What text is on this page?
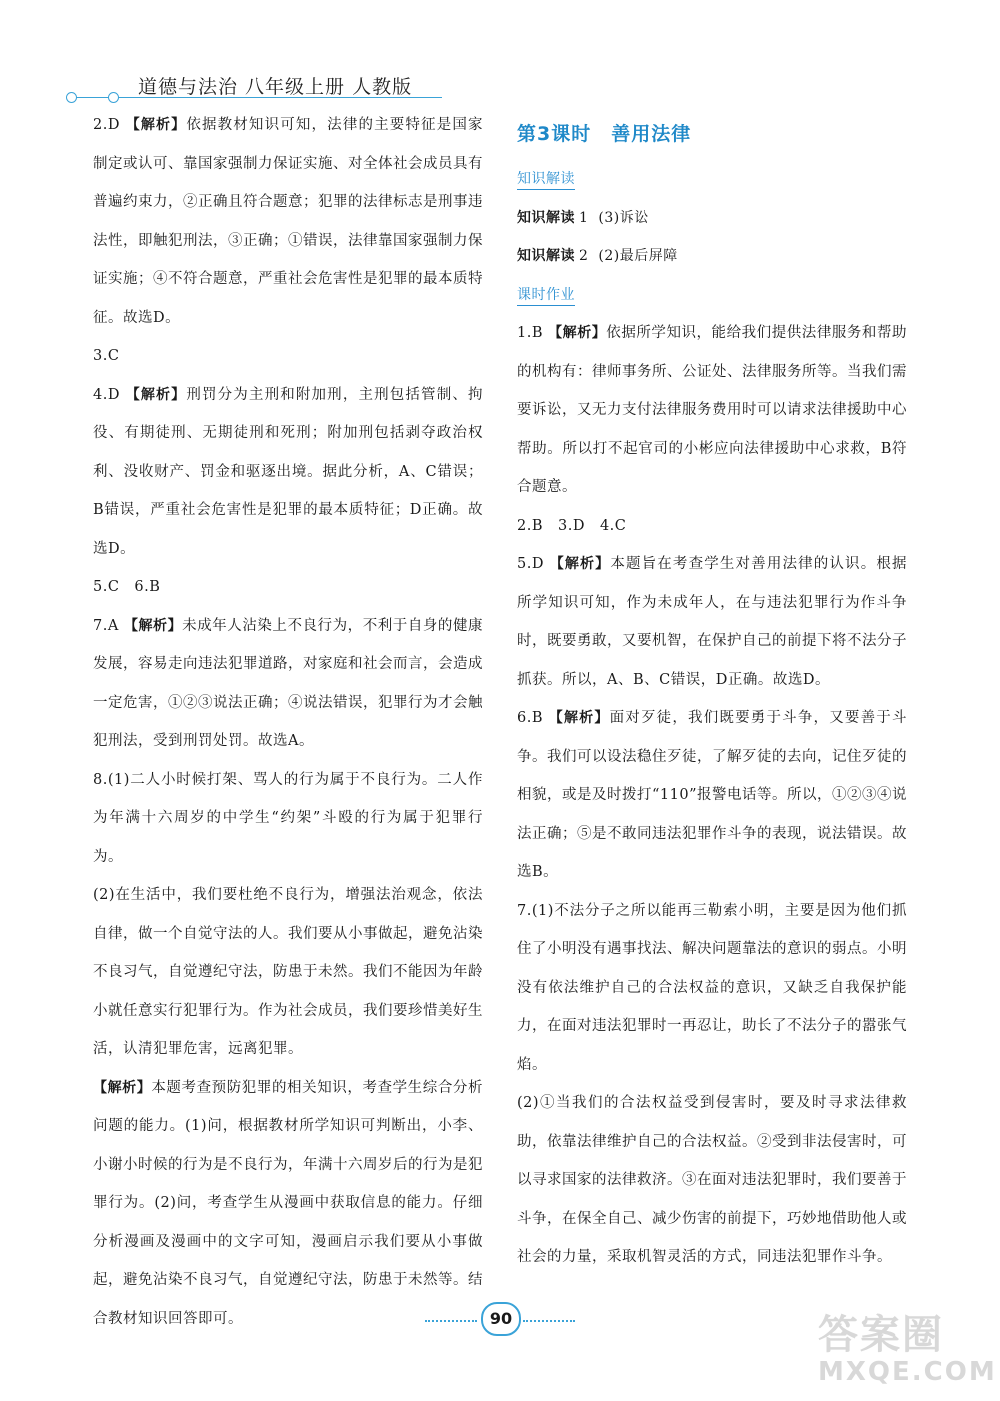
道德与法治 八年级上册 人教版

2.D 【解析】依据教材知识可知，法律的主要特征是国家制定或认可、靠国家强制力保证实施、对全体社会成员具有普遍约束力，②正确且符合题意；犯罪的法律标志是刑事违法性，即触犯刑法，③正确；①错误，法律靠国家强制力保证实施；④不符合题意，严重社会危害性是犯罪的最本质特征。故选D。

3.C

4.D 【解析】刑罚分为主刑和附加刑，主刑包括管制、拘役、有期徒刑、无期徒刑和死刑；附加刑包括剥夺政治权利、没收财产、罚金和驱逐出境。据此分析，A、C错误；B错误，严重社会危害性是犯罪的最本质特征；D正确。故选D。

5.C　6.B

7.A 【解析】未成年人沾染上不良行为，不利于自身的健康发展，容易走向违法犯罪道路，对家庭和社会而言，会造成一定危害，①②③说法正确；④说法错误，犯罪行为才会触犯刑法，受到刑罚处罚。故选A。

8.(1)二人小时候打架、骂人的行为属于不良行为。二人作为年满十六周岁的中学生“约架”斗殴的行为属于犯罪行为。

(2)在生活中，我们要杜绝不良行为，增强法治观念，依法自律，做一个自觉守法的人。我们要从小事做起，避免沾染不良习气，自觉遵纪守法，防患于未然。我们不能因为年龄小就任意实行犯罪行为。作为社会成员，我们要珍惜美好生活，认清犯罪危害，远离犯罪。

【解析】本题考查预防犯罪的相关知识，考查学生综合分析问题的能力。(1)问，根据教材所学知识可判断出，小李、小谢小时候的行为是不良行为，年满十六周岁后的行为是犯罪行为。(2)问，考查学生从漫画中获取信息的能力。仔细分析漫画及漫画中的文字可知，漫画启示我们要从小事做起，避免沾染不良习气，自觉遵纪守法，防患于未然等。结合教材知识回答即可。

第3课时　善用法律

知识解读

知识解读 1 (3)诉讼

知识解读 2 (2)最后屏障

课时作业

1.B 【解析】依据所学知识，能给我们提供法律服务和帮助的机构有：律师事务所、公证处、法律服务所等。当我们需要诉讼，又无力支付法律服务费用时可以请求法律援助中心帮助。所以打不起官司的小彬应向法律援助中心求救，B符合题意。

2.B　3.D　4.C

5.D 【解析】本题旨在考查学生对善用法律的认识。根据所学知识可知，作为未成年人，在与违法犯罪行为作斗争时，既要勇敢，又要机智，在保护自己的前提下将不法分子抓获。所以，A、B、C错误，D正确。故选D。

6.B 【解析】面对歹徒，我们既要勇于斗争，又要善于斗争。我们可以设法稳住歹徒，了解歹徒的去向，记住歹徒的相貌，或是及时拨打“110”报警电话等。所以，①②③④说法正确；⑤是不敢同违法犯罪作斗争的表现，说法错误。故选B。

7.(1)不法分子之所以能再三勒索小明，主要是因为他们抓住了小明没有遇事找法、解决问题靠法的意识的弱点。小明没有依法维护自己的合法权益的意识，又缺乏自我保护能力，在面对违法犯罪时一再忍让，助长了不法分子的嚣张气焰。

(2)①当我们的合法权益受到侵害时，要及时寻求法律救助，依靠法律维护自己的合法权益。②受到非法侵害时，可以寻求国家的法律救济。③在面对违法犯罪时，我们要善于斗争，在保全自己、减少伤害的前提下，巧妙地借助他人或社会的力量，采取机智灵活的方式，同违法犯罪作斗争。

90	答案圈
MXQE.COM
